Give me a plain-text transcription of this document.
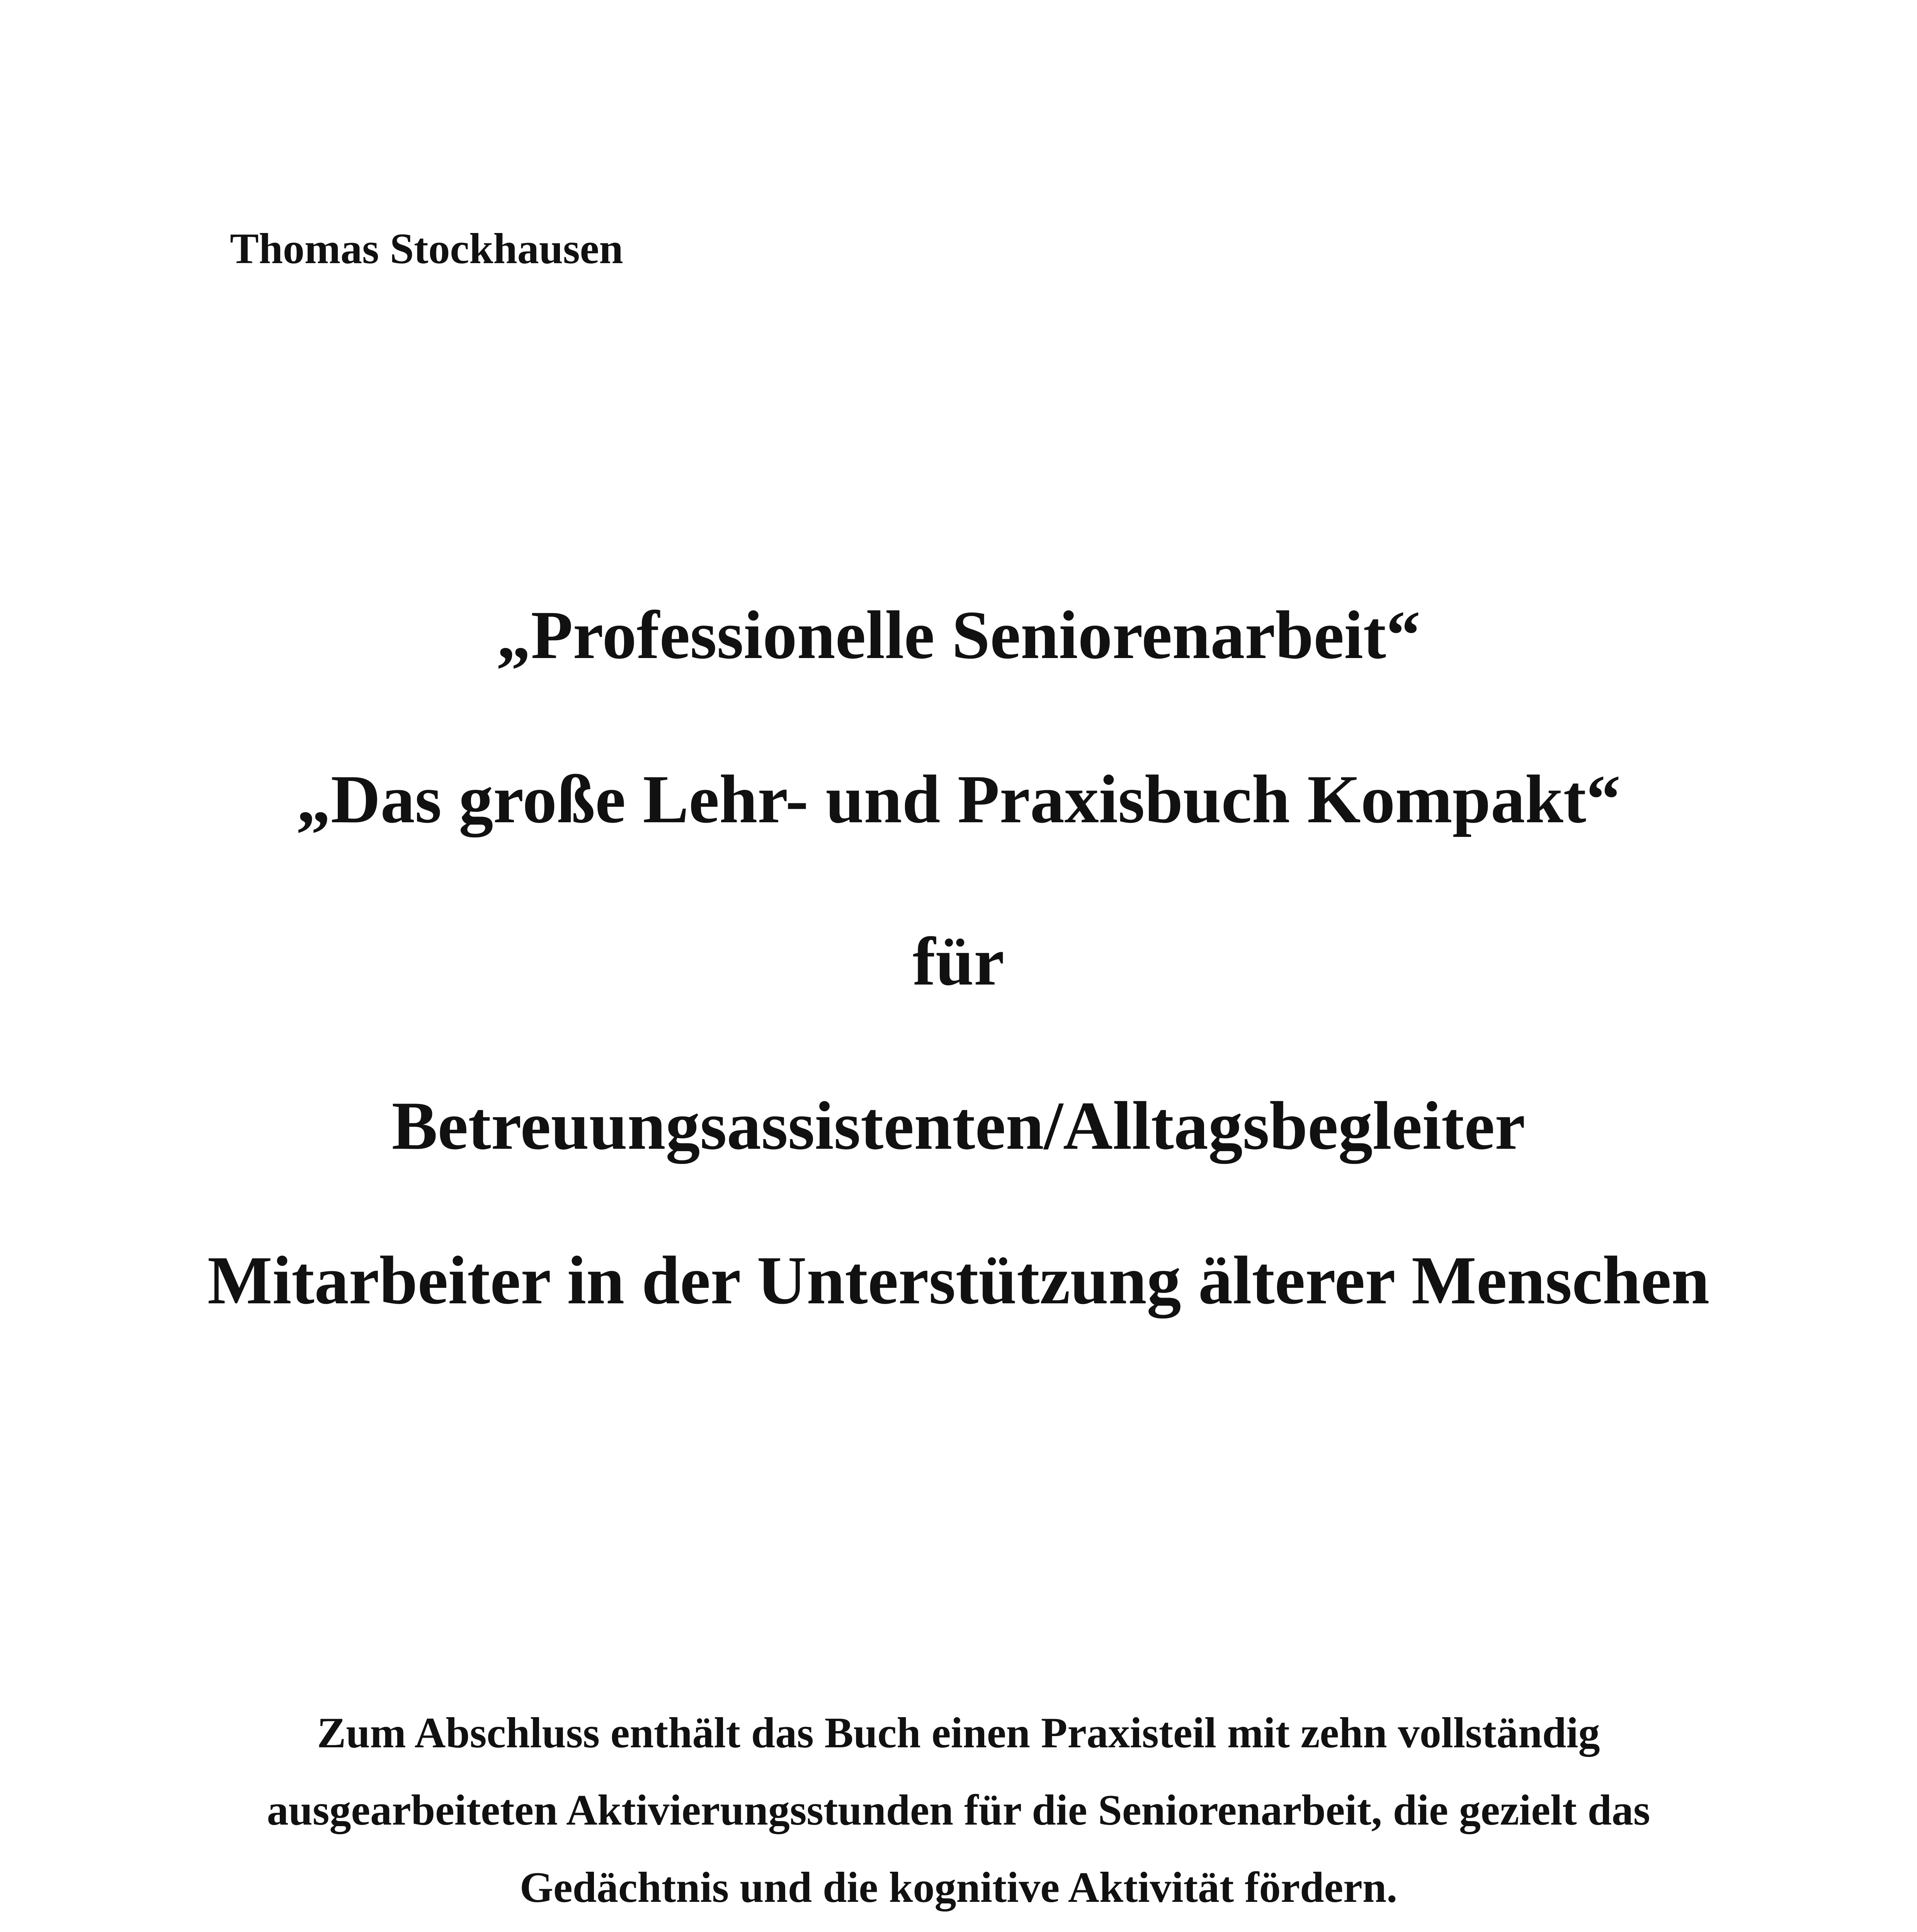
Thomas Stockhausen
„Professionelle Seniorenarbeit“
„Das große Lehr- und Praxisbuch Kompakt“
für
Betreuungsassistenten/Alltagsbegleiter
Mitarbeiter in der Unterstützung älterer Menschen
Zum Abschluss enthält das Buch einen Praxisteil mit zehn vollständig
ausgearbeiteten Aktivierungsstunden für die Seniorenarbeit, die gezielt das
Gedächtnis und die kognitive Aktivität fördern.
